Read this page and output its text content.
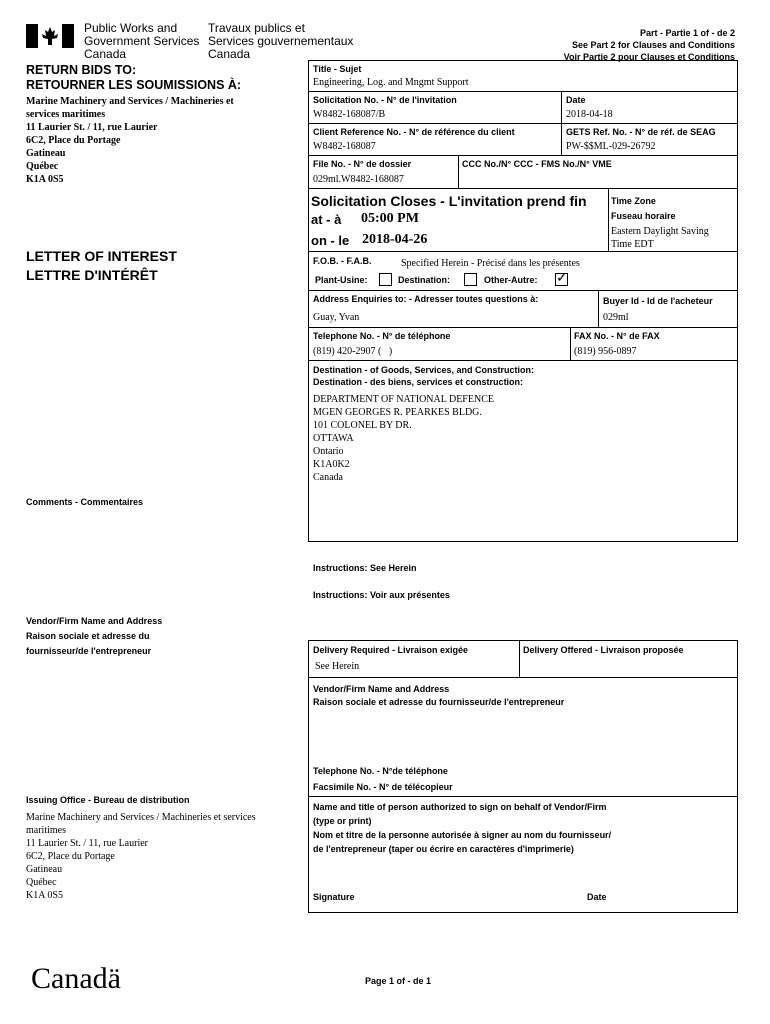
Public Works and
Government Services
Canada
Travaux publics et
Services gouvernementaux
Canada
Part - Partie 1 of - de 2
See Part 2 for Clauses and Conditions
Voir Partie 2 pour Clauses et Conditions
RETURN BIDS TO:
RETOURNER LES SOUMISSIONS À:
Marine Machinery and Services / Machineries et
services maritimes
11 Laurier St. / 11, rue Laurier
6C2, Place du Portage
Gatineau
Québec
K1A 0S5
LETTER OF INTEREST
LETTRE D'INTÉRÊT
Comments - Commentaires
Vendor/Firm Name and Address
Raison sociale et adresse du
fournisseur/de l'entrepreneur
Issuing Office - Bureau de distribution
Marine Machinery and Services / Machineries et services
maritimes
11 Laurier St. / 11, rue Laurier
6C2, Place du Portage
Gatineau
Québec
K1A 0S5
Title - Sujet
Engineering, Log. and Mngmt Support
Solicitation No. - N° de l'invitation
W8482-168087/B
Date
2018-04-18
Client Reference No. - N° de référence du client
W8482-168087
GETS Ref. No. - N° de réf. de SEAG
PW-$$ML-029-26792
File No. - N° de dossier
029ml.W8482-168087
CCC No./N° CCC - FMS No./N° VME
Solicitation Closes - L'invitation prend fin
at - à 05:00 PM
on - le 2018-04-26
Time Zone
Fuseau horaire
Eastern Daylight Saving
Time EDT
F.O.B. - F.A.B.	Specified Herein - Précisé dans les présentes
Plant-Usine:	Destination:	Other-Autre: ✓
Address Enquiries to: - Adresser toutes questions à:
Guay, Yvan
Buyer Id - Id de l'acheteur
029ml
Telephone No. - N° de téléphone
(819) 420-2907 (   )
FAX No. - N° de FAX
(819) 956-0897
Destination - of Goods, Services, and Construction:
Destination - des biens, services et construction:
DEPARTMENT OF NATIONAL DEFENCE
MGEN GEORGES R. PEARKES BLDG.
101 COLONEL BY DR.
OTTAWA
Ontario
K1A0K2
Canada
Instructions: See Herein
Instructions: Voir aux présentes
Delivery Required - Livraison exigée
See Herein
Delivery Offered - Livraison proposée
Vendor/Firm Name and Address
Raison sociale et adresse du fournisseur/de l'entrepreneur
Telephone No. - N°de téléphone
Facsimile No. - N° de télécopieur
Name and title of person authorized to sign on behalf of Vendor/Firm
(type or print)
Nom et titre de la personne autorisée à signer au nom du fournisseur/
de l'entrepreneur (taper ou écrire en caractères d'imprimerie)
Signature	Date
Canadä	Page 1 of - de 1
